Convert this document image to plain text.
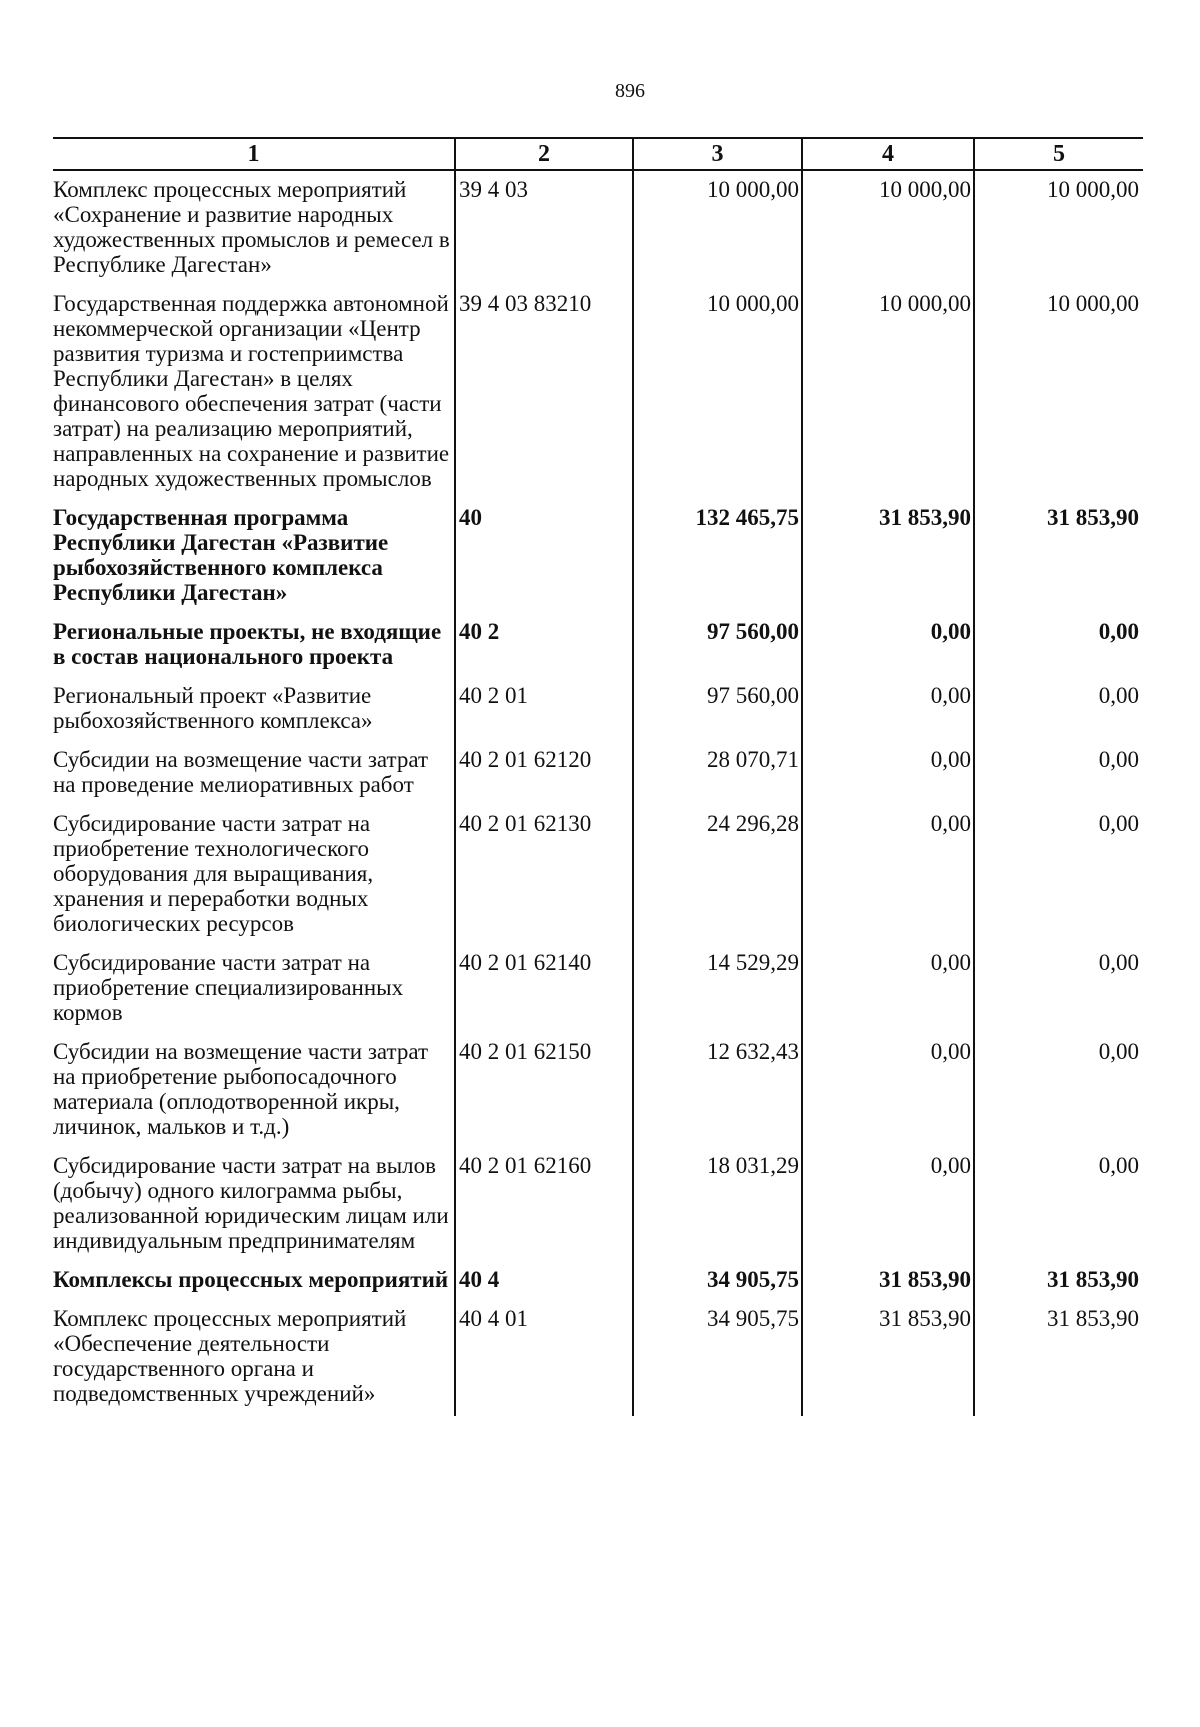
896
1	2	3	4	5
Комплекс процессных мероприятий «Сохранение и развитие народных художественных промыслов и ремесел в Республике Дагестан»	39 4 03	10 000,00	10 000,00	10 000,00
Государственная поддержка автономной некоммерческой организации «Центр развития туризма и гостеприимства Республики Дагестан» в целях финансового обеспечения затрат (части затрат) на реализацию мероприятий, направленных на сохранение и развитие народных художественных промыслов	39 4 03 83210	10 000,00	10 000,00	10 000,00
Государственная программа Республики Дагестан «Развитие рыбохозяйственного комплекса Республики Дагестан»	40	132 465,75	31 853,90	31 853,90
Региональные проекты, не входящие в состав национального проекта	40 2	97 560,00	0,00	0,00
Региональный проект «Развитие рыбохозяйственного комплекса»	40 2 01	97 560,00	0,00	0,00
Субсидии на возмещение части затрат на проведение мелиоративных работ	40 2 01 62120	28 070,71	0,00	0,00
Субсидирование части затрат на приобретение технологического оборудования для выращивания, хранения и переработки водных биологических ресурсов	40 2 01 62130	24 296,28	0,00	0,00
Субсидирование части затрат на приобретение специализированных кормов	40 2 01 62140	14 529,29	0,00	0,00
Субсидии на возмещение части затрат на приобретение рыбопосадочного материала (оплодотворенной икры, личинок, мальков и т.д.)	40 2 01 62150	12 632,43	0,00	0,00
Субсидирование части затрат на вылов (добычу) одного килограмма рыбы, реализованной юридическим лицам или индивидуальным предпринимателям	40 2 01 62160	18 031,29	0,00	0,00
Комплексы процессных мероприятий	40 4	34 905,75	31 853,90	31 853,90
Комплекс процессных мероприятий «Обеспечение деятельности государственного органа и подведомственных учреждений»	40 4 01	34 905,75	31 853,90	31 853,90
